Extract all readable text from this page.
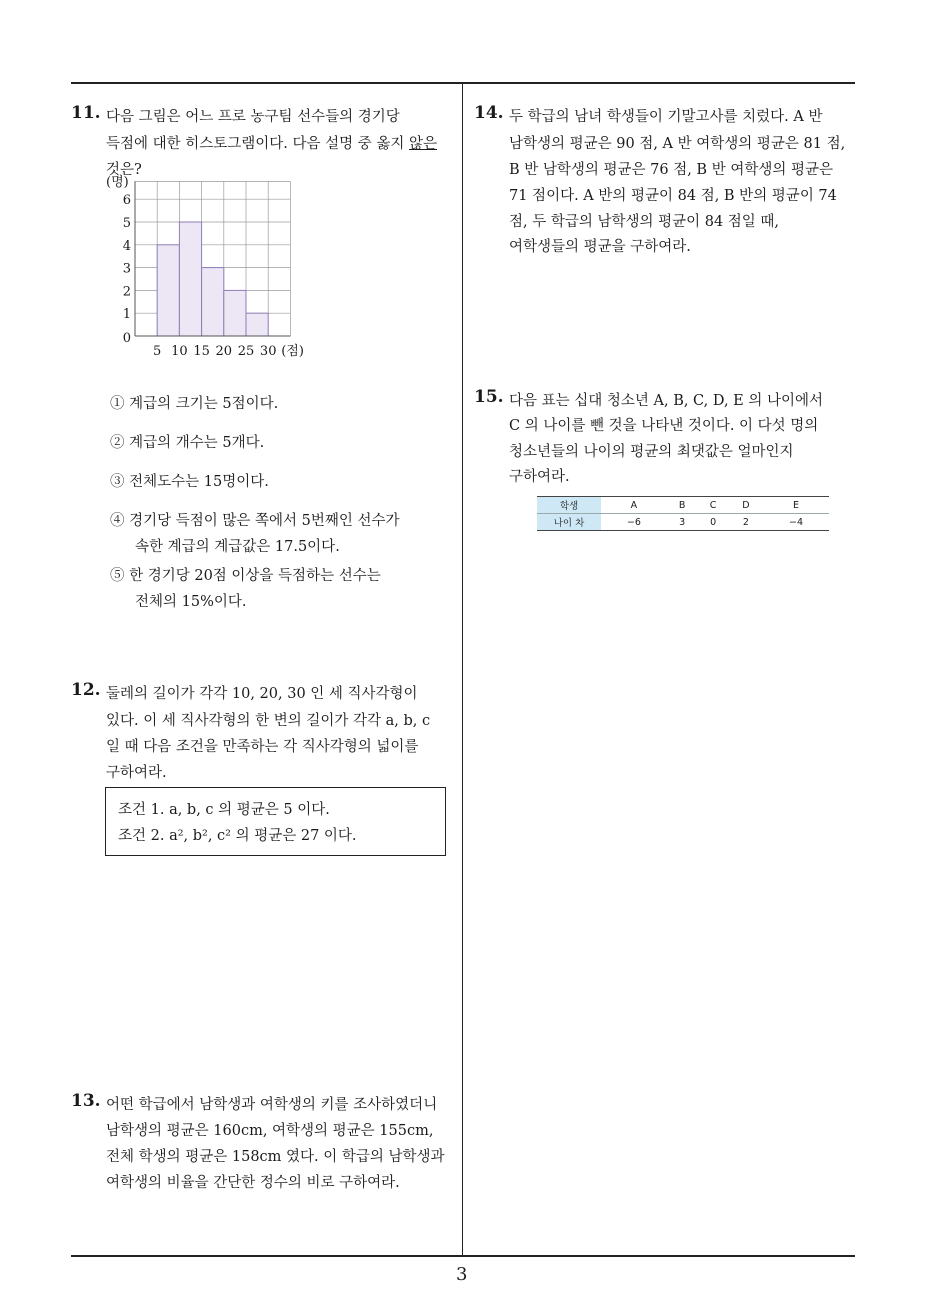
11. 다음 그림은 어느 프로 농구팀 선수들의 경기당
득점에 대한 히스토그램이다. 다음 설명 중 옳지 않은
것은?
0
1
2
3
4
5
6
5 10 15 20 25 30
(명)
(점)
① 계급의 크기는 5점이다.
② 계급의 개수는 5개다.
③ 전체도수는 15명이다.
④ 경기당 득점이 많은 쪽에서 5번째인 선수가
속한 계급의 계급값은 17.5이다.
⑤ 한 경기당 20점 이상을 득점하는 선수는
전체의 15%이다.
12. 둘레의 길이가 각각 10, 20, 30 인 세 직사각형이
있다. 이 세 직사각형의 한 변의 길이가 각각 a, b, c
일 때 다음 조건을 만족하는 각 직사각형의 넓이를
구하여라.
조건 1. a, b, c 의 평균은 5 이다.
조건 2. a², b², c² 의 평균은 27 이다.
13. 어떤 학급에서 남학생과 여학생의 키를 조사하였더니
남학생의 평균은 160cm, 여학생의 평균은 155cm,
전체 학생의 평균은 158cm 였다. 이 학급의 남학생과
여학생의 비율을 간단한 정수의 비로 구하여라.
14. 두 학급의 남녀 학생들이 기말고사를 치렀다. A 반
남학생의 평균은 90 점, A 반 여학생의 평균은 81 점,
B 반 남학생의 평균은 76 점, B 반 여학생의 평균은
71 점이다. A 반의 평균이 84 점, B 반의 평균이 74
점, 두 학급의 남학생의 평균이 84 점일 때,
여학생들의 평균을 구하여라.
15. 다음 표는 십대 청소년 A, B, C, D, E 의 나이에서
C 의 나이를 뺀 것을 나타낸 것이다. 이 다섯 명의
청소년들의 나이의 평균의 최댓값은 얼마인지
구하여라.
학생	A	B	C	D	E
나이 차	−6	3	0	2	−4
3
